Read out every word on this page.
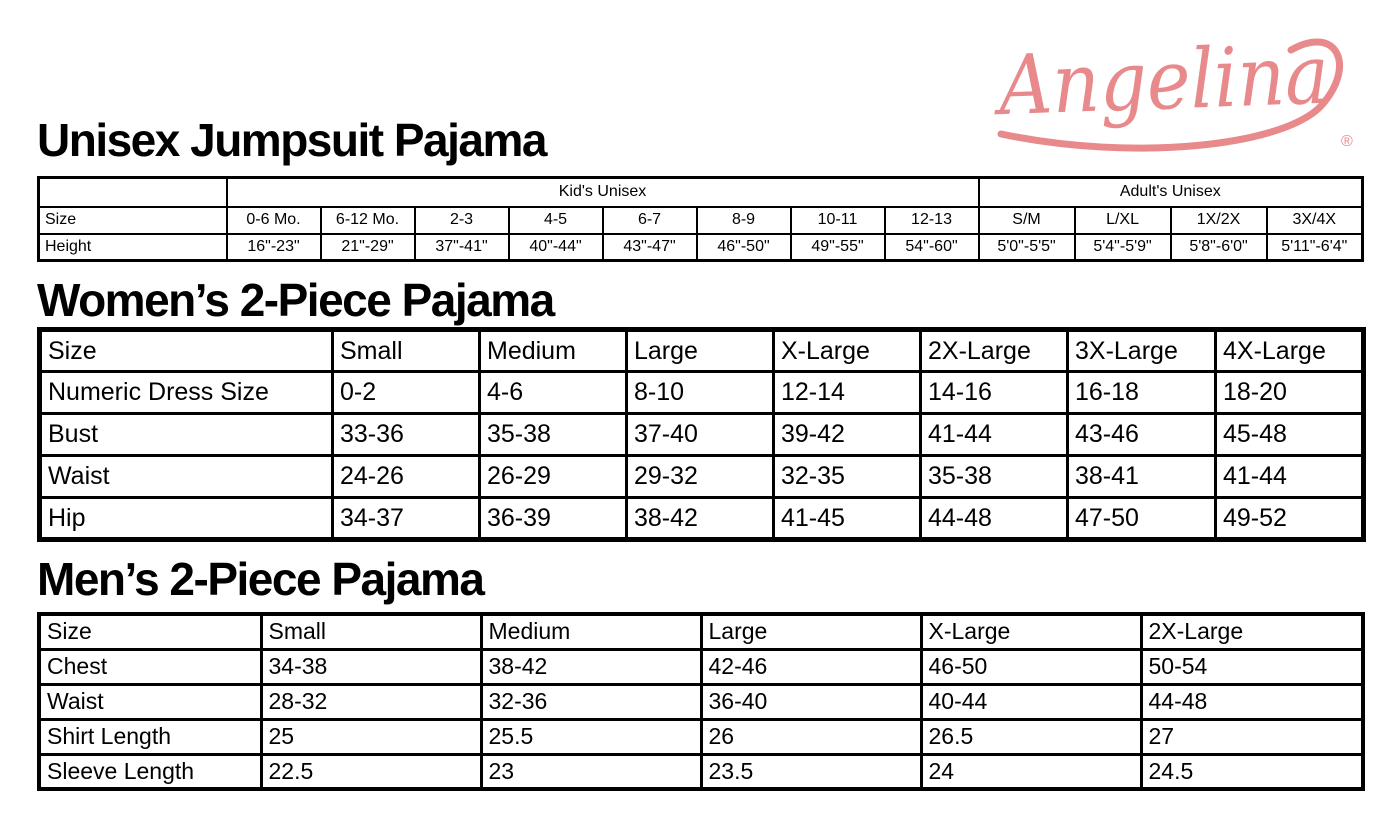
Angelina
®
Unisex Jumpsuit Pajama
	Kid's Unisex								Adult's Unisex			
Size	0-6 Mo.	6-12 Mo.	2-3	4-5	6-7	8-9	10-11	12-13	S/M	L/XL	1X/2X	3X/4X
Height	16"-23"	21"-29"	37"-41"	40"-44"	43"-47"	46"-50"	49"-55"	54"-60"	5'0"-5'5"	5'4"-5'9"	5'8"-6'0"	5'11"-6'4"
Women’s 2-Piece Pajama
Size	Small	Medium	Large	X-Large	2X-Large	3X-Large	4X-Large
Numeric Dress Size	0-2	4-6	8-10	12-14	14-16	16-18	18-20
Bust	33-36	35-38	37-40	39-42	41-44	43-46	45-48
Waist	24-26	26-29	29-32	32-35	35-38	38-41	41-44
Hip	34-37	36-39	38-42	41-45	44-48	47-50	49-52
Men’s 2-Piece Pajama
Size	Small	Medium	Large	X-Large	2X-Large
Chest	34-38	38-42	42-46	46-50	50-54
Waist	28-32	32-36	36-40	40-44	44-48
Shirt Length	25	25.5	26	26.5	27
Sleeve Length	22.5	23	23.5	24	24.5
